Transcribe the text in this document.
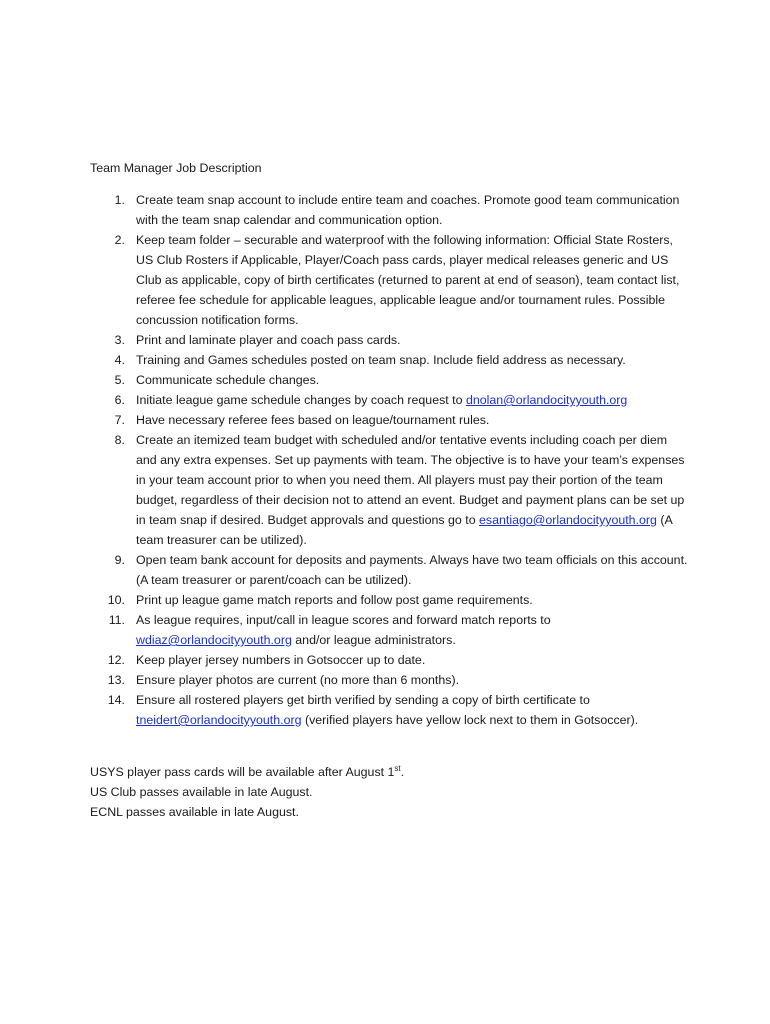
Team Manager Job Description
1. Create team snap account to include entire team and coaches. Promote good team communication with the team snap calendar and communication option.
2. Keep team folder – securable and waterproof with the following information: Official State Rosters, US Club Rosters if Applicable, Player/Coach pass cards, player medical releases generic and US Club as applicable, copy of birth certificates (returned to parent at end of season), team contact list, referee fee schedule for applicable leagues, applicable league and/or tournament rules. Possible concussion notification forms.
3. Print and laminate player and coach pass cards.
4. Training and Games schedules posted on team snap. Include field address as necessary.
5. Communicate schedule changes.
6. Initiate league game schedule changes by coach request to dnolan@orlandocityyouth.org
7. Have necessary referee fees based on league/tournament rules.
8. Create an itemized team budget with scheduled and/or tentative events including coach per diem and any extra expenses. Set up payments with team. The objective is to have your team’s expenses in your team account prior to when you need them. All players must pay their portion of the team budget, regardless of their decision not to attend an event. Budget and payment plans can be set up in team snap if desired. Budget approvals and questions go to esantiago@orlandocityyouth.org (A team treasurer can be utilized).
9. Open team bank account for deposits and payments. Always have two team officials on this account. (A team treasurer or parent/coach can be utilized).
10. Print up league game match reports and follow post game requirements.
11. As league requires, input/call in league scores and forward match reports to wdiaz@orlandocityyouth.org and/or league administrators.
12. Keep player jersey numbers in Gotsoccer up to date.
13. Ensure player photos are current (no more than 6 months).
14. Ensure all rostered players get birth verified by sending a copy of birth certificate to tneidert@orlandocityyouth.org (verified players have yellow lock next to them in Gotsoccer).
USYS player pass cards will be available after August 1st.
US Club passes available in late August.
ECNL passes available in late August.
